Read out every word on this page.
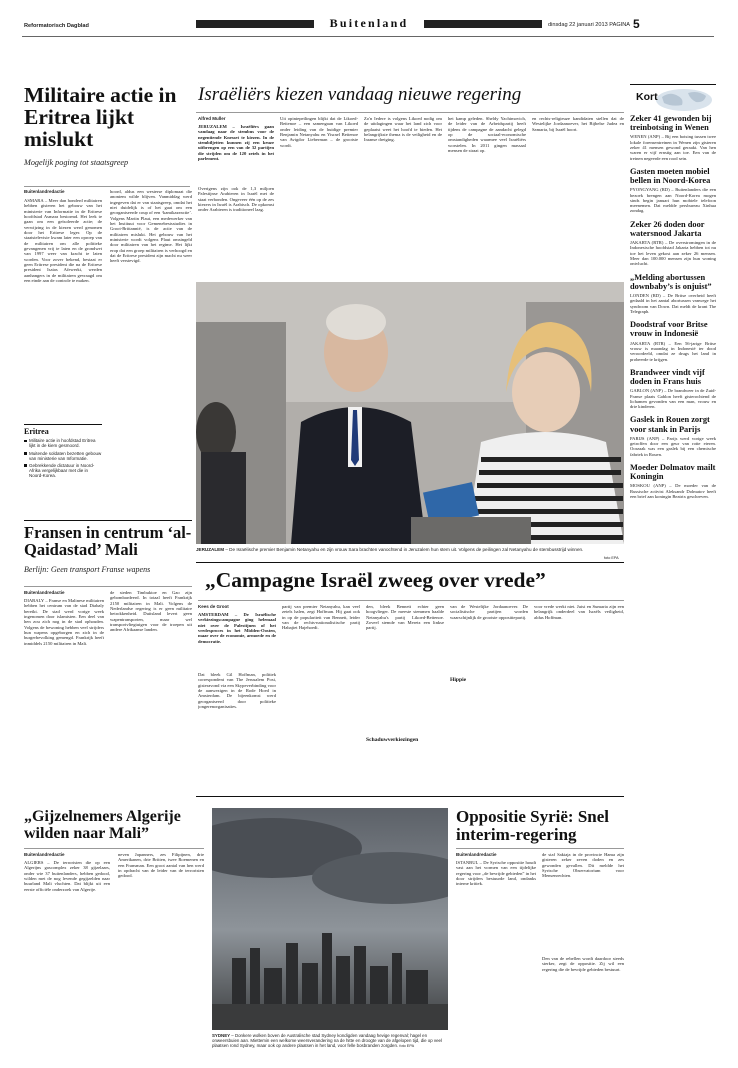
Reformatorisch Dagblad	Buitenland	dinsdag 22 januari 2013 PAGINA 5
Militaire actie in Eritrea lijkt mislukt
Mogelijk poging tot staatsgreep
Buitenlandredactie
ASMARA – Meer dan honderd militairen hebben gisteren het gebouw van het ministerie van Informatie in de Eritrese hoofdstad Asmara bestormd. Het leek te gaan om een geïsoleerde actie; de verwijzing in de kiezen werd genomen door het Eritrese leger. Op de staatstelevisie kwam later een oproep van de militairen om alle politieke gevangenen vrij te laten en de grondwet van 1997 weer van kracht te laten worden. Voor zover bekend, bestaat er geen Eritrese president die na de Eritrese president Isaias Afewerki, werden aanhangers in de militairen gevraagd om een einde aan de controle te maken.
hoord, aldus een westerse diplomaat die anoniem wilde blijven. Vanmiddag werd ingegeven dat er van staatsgreep, omdat het niet duidelijk is of het gaat om een georganiseerde coup of een ‘kamikazeactie’. Volgens Martin Plaut, een medewerker van het Instituut voor Gemenebestsstudies in Groot-Brittannië, is de actie van de militairen mislukt. Het gebouw van het ministerie wordt volgens Plaut omsingeld door militairen van het regime. Het lijkt erop dat een groep militairen is verhoogd en dat de Eritrese president zijn macht nu weer heeft verstevigd.
Eritrea
Militaire actie in hoofdstad Eritrea lijkt in de kiem gesmoord.
Muitende soldaten bezetten gebouw van ministerie van Informatie.
Gebrekkende dictatuur in Noord-Afrika vergelijkbaar met die in Noord-Korea.
Fransen in centrum ‘al-Qaidastad’ Mali
Berlijn: Geen transport Franse wapens
Buitenlandredactie
DIABALY – Franse en Malinese militairen hebben het centrum van de stad Diabaly bereikt. De stad werd vorige week ingenomen door islamisten. Een deel van hen zou zich nog in de stad ophouden. Volgens de bewoning hebben veel strijders hun wapens opgeborgen en zich in de burgerbevolking gemengd. Frankrijk heeft inmiddels 2150 militairen in Mali.
de steden Timbuktoe en Gao zijn gebombardeerd. In totaal heeft Frankrijk 2150 militairen in Mali. Volgens de Nederlandse regering is er geen militaire betrokkenheid. Duitsland levert geen wapentransporten, maar wel transportvliegtuigen voor de troepen uit andere Afrikaanse landen.
Israëliërs kiezen vandaag nieuwe regering
Alfred Muller
JERUZALEM – Israëliërs gaan vandaag naar de stembus voor de negentiende Knesset te kiezen. In de stembiljetten kunnen zij een keuze uitbrengen op een van de 32 partijen die strijden om de 120 zetels in het parlement.
Overigens zijn ook de 1,3 miljoen Palestijnse Arabieren in Israël met de staat verbonden. Ongeveer één op de zes kiezers in Israël is Arabisch. De opkomst onder Arabieren is traditioneel laag.
Uit opiniepeilingen blijkt dat de Likoed-Beitenoe – een samengaan van Likoed onder leiding van de huidige premier Benjamin Netanyahu en Yisrael Beitenoe van Avigdor Lieberman – de grootste wordt.
Zo'n Iedere is volgens Likoed nodig om de uitdagingen waar het land zich voor geplaatst weet het hoofd te bieden. Het belangrijkste thema is de veiligheid en de Iraanse dreiging.
het kamp geleden. Sheldy Yachimovich, de leider van de Arbeidspartij heeft tijdens de campagne de aandacht gelegd op de sociaal-economische omstandigheden waarmee veel Israëliërs worstelen. In 2011 gingen massaal mensen de straat op.
en rechts-religieuze kandidaten stellen dat de Westelijke Jordaanoever, het Bijbelse Judea en Samaria, bij Israël hoort.
JERUZALEM – De Israëlische premier Benjamin Netanyahu en zijn vrouw Sara brachten vanochtend in Jeruzalem hun stem uit. Volgens de peilingen zal Netanyahu de stembusstrijd winnen.
foto EPA
„Campagne Israël zweeg over vrede”
Kees de Groot
AMSTERDAM – De Israëlische verkiezingscampagne ging helemaal niet over de Palestijnen of het vredesproces in het Midden-Oosten, maar over de economie, armoede en de democratie.
Dat bleek Gil Hoffman, politiek correspondent van The Jerusalem Post, gisteravond via een Skypeverbinding voor de aanwezigen in de Rode Hoed in Amsterdam. De bijeenkomst werd georganiseerd door politieke jongerenorganisaties.
partij van premier Netanyahu, kan veel zetels halen, zegt Hoffman. Hij gaat ook in op de populariteit van Bennett, leider van de rechts-nationalistische partij Habajiet Hajehoedi.
den, bleek Bennett echter geen hoogvlieger. De meeste stemmen haalde Netanyahu's partij Likoed-Beitenoe. Zoveel stemde van Meretz een linkse partij.
Schaduwverkiezingen
van de Westelijke Jordaanoever. De socialistische partijen worden waarschijnlijk de grootste oppositiepartij.
Hippie
voor vrede werkt niet. Juist en Sumaria zijn een belangrijk onderdeel van Israëls veiligheid, aldus Hoffman.
„Gijzelnemers Algerije wilden naar Mali”
Buitenlandredactie
ALGIERS – De terroristen die op een Algerijns gascomplex zeker 38 gijzelaars, onder wie 37 buitenlanders, hebben gedood, wilden met de nog levende gegijzelden naar buurland Mali vluchten. Dat blijkt uit een eerste officiële onderzoek van Algerije.
neven Japanners, zes Filipijnen, drie Amerikanen, drie Britten, twee Roemenen en een Fransman. Een groot aantal van hen werd in opdracht van de leider van de terroristen gedood.
SYDNEY – Donkere wolken boven de Australische stad Sydney kondigden vandaag hevige regenval; hagel en onweersbuien aan. Miettemin een welkome weersverandering na de hitte en droogte van de afgelopen tijd, die op veel plaatsen rond Sydney, maar ook op andere plaatsen in het land, voor felle bosbranden zorgden. foto EPA
Oppositie Syrië: Snel interim-regering
Buitenlandredactie
ISTANBUL – De Syrische oppositie houdt vast aan het vormen van een tijdelijke regering voor „de bevrijde gebieden” in het door strijders bestuurde land, ondanks interne kritiek.
de staf Sakiaja in de provincie Hama zijn gisteren zeker zeven doden en zes gewonden gevallen. Dit meldde het Syrische Observatorium voor Mensenrechten.
Den van de rebellen wordt daardoor steeds sterker, zegt de oppositie. Zij wil een regering die de bevrijde gebieden bestuurt.
Kort
Zeker 41 gewonden bij treinbotsing in Wenen
WENEN (ANP) – Bij een botsing tussen twee lokale forensentreinen in Wenen zijn gisteren zeker 41 mensen gewond geraakt. Van hen waren er vijf ernstig aan toe. Een van de treinen negeerde een rood sein.
Gasten moeten mobiel bellen in Noord-Korea
PYONGYANG (RD) – Buitenlanders die een bezoek brengen aan Noord-Korea mogen sinds begin januari hun mobiele telefoon meenemen. Dat meldde persbureau Xinhua zondag.
Zeker 26 doden door watersnood Jakarta
JAKARTA (RTR) – De overstromingen in de Indonesische hoofdstad Jakarta hebben tot nu toe het leven gekost aan zeker 26 mensen. Meer dan 100.000 mensen zijn hun woning ontvlucht.
„Melding abortussen downbaby’s is onjuist”
LONDEN (RD) – De Britse overheid heeft gedaald in het aantal abortussen vanwege het syndroom van Down. Dat meldt de krant The Telegraph.
Doodstraf voor Britse vrouw in Indonesië
JAKARTA (RTR) – Een 56-jarige Britse vrouw is maandag in Indonesië ter dood veroordeeld, omdat ze drugs het land in probeerde te krijgen.
Brandweer vindt vijf doden in Frans huis
GABLON (ANP) – De brandweer in de Zuid-Franse plaats Gablon heeft gisterochtend de lichamen gevonden van een man, vrouw en drie kinderen.
Gaslek in Rouen zorgt voor stank in Parijs
PARIJS (ANP) – Parijs werd vorige week getroffen door een geur van rotte eieren. Oorzaak was een gaslek bij een chemische fabriek in Rouen.
Moeder Dolmatov mailt Koningin
MOSKOU (ANP) – De moeder van de Russische activist Aleksandr Dolmatov heeft een brief aan koningin Beatrix geschreven.
